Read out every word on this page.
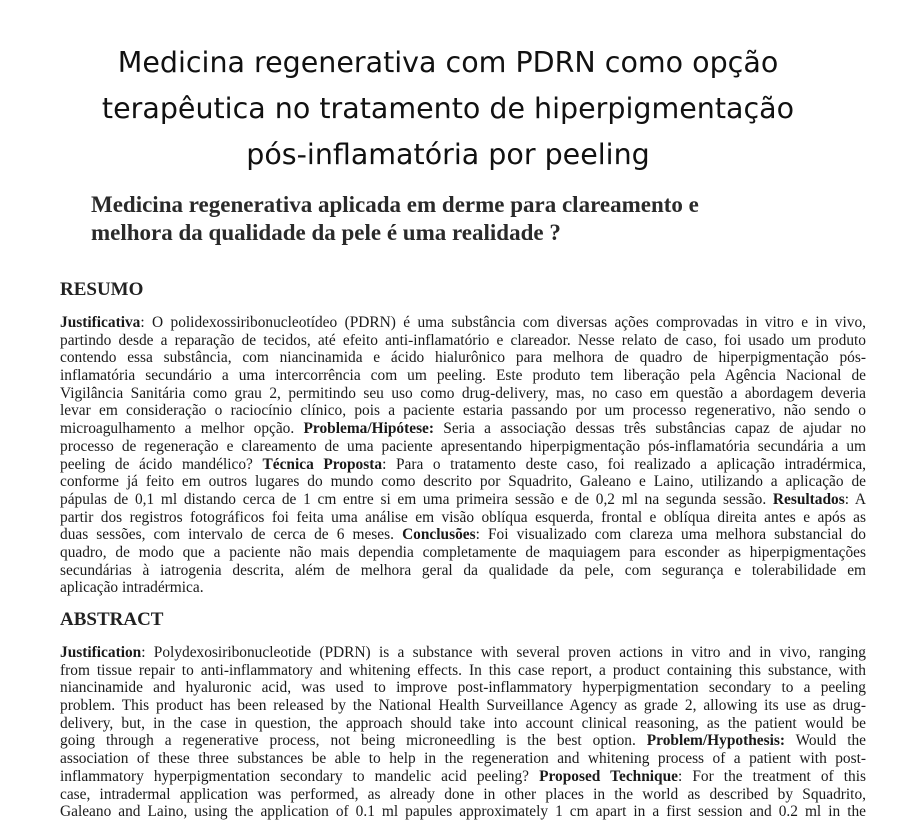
Medicina regenerativa com PDRN como opção
terapêutica no tratamento de hiperpigmentação
pós-inflamatória por peeling
Medicina regenerativa aplicada em derme para clareamento e
melhora da qualidade da pele é uma realidade ?
RESUMO
Justificativa: O polidexossiribonucleotídeo (PDRN) é uma substância com diversas ações comprovadas in vitro e in vivo,
partindo desde a reparação de tecidos, até efeito anti-inflamatório e clareador. Nesse relato de caso, foi usado um produto
contendo essa substância, com niancinamida e ácido hialurônico para melhora de quadro de hiperpigmentação pós-
inflamatória secundário a uma intercorrência com um peeling. Este produto tem liberação pela Agência Nacional de
Vigilância Sanitária como grau 2, permitindo seu uso como drug-delivery, mas, no caso em questão a abordagem deveria
levar em consideração o raciocínio clínico, pois a paciente estaria passando por um processo regenerativo, não sendo o
microagulhamento a melhor opção. Problema/Hipótese: Seria a associação dessas três substâncias capaz de ajudar no
processo de regeneração e clareamento de uma paciente apresentando hiperpigmentação pós-inflamatória secundária a um
peeling de ácido mandélico? Técnica Proposta: Para o tratamento deste caso, foi realizado a aplicação intradérmica,
conforme já feito em outros lugares do mundo como descrito por Squadrito, Galeano e Laino, utilizando a aplicação de
pápulas de 0,1 ml distando cerca de 1 cm entre si em uma primeira sessão e de 0,2 ml na segunda sessão. Resultados: A
partir dos registros fotográficos foi feita uma análise em visão oblíqua esquerda, frontal e oblíqua direita antes e após as
duas sessões, com intervalo de cerca de 6 meses. Conclusões: Foi visualizado com clareza uma melhora substancial do
quadro, de modo que a paciente não mais dependia completamente de maquiagem para esconder as hiperpigmentações
secundárias à iatrogenia descrita, além de melhora geral da qualidade da pele, com segurança e tolerabilidade em
aplicação intradérmica.
ABSTRACT
Justification: Polydexosiribonucleotide (PDRN) is a substance with several proven actions in vitro and in vivo, ranging
from tissue repair to anti-inflammatory and whitening effects. In this case report, a product containing this substance, with
niancinamide and hyaluronic acid, was used to improve post-inflammatory hyperpigmentation secondary to a peeling
problem. This product has been released by the National Health Surveillance Agency as grade 2, allowing its use as drug-
delivery, but, in the case in question, the approach should take into account clinical reasoning, as the patient would be
going through a regenerative process, not being microneedling is the best option. Problem/Hypothesis: Would the
association of these three substances be able to help in the regeneration and whitening process of a patient with post-
inflammatory hyperpigmentation secondary to mandelic acid peeling? Proposed Technique: For the treatment of this
case, intradermal application was performed, as already done in other places in the world as described by Squadrito,
Galeano and Laino, using the application of 0.1 ml papules approximately 1 cm apart in a first session and 0.2 ml in the
